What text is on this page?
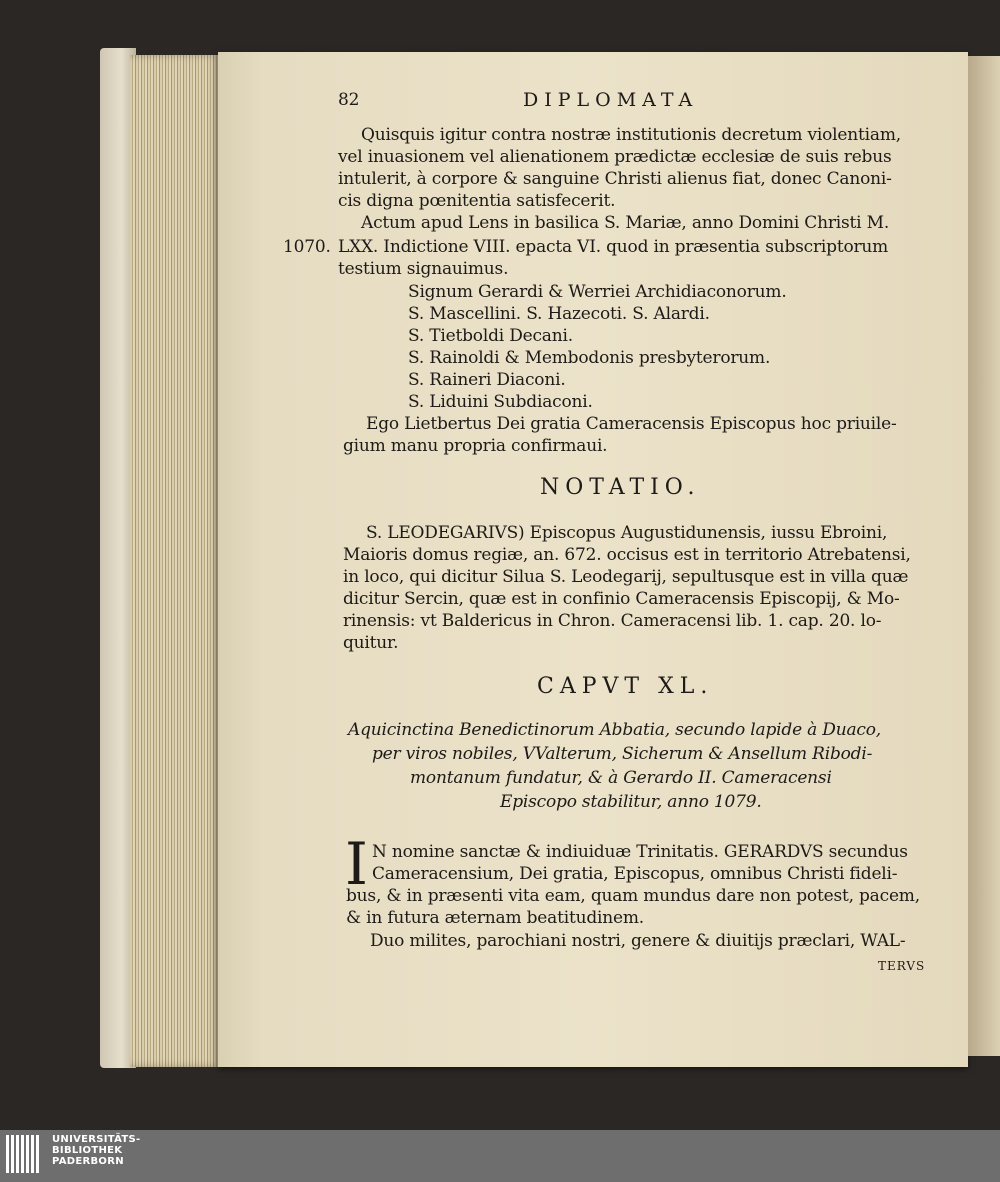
82	DIPLOMATA
Quisquis igitur contra nostræ institutionis decretum violentiam,
vel inuasionem vel alienationem prædictæ ecclesiæ de suis rebus
intulerit, à corpore & sanguine Christi alienus fiat, donec Canoni-
cis digna pœnitentia satisfecerit.
Actum apud Lens in basilica S. Mariæ, anno Domini Christi M.
1070. LXX. Indictione VIII. epacta VI. quod in præsentia subscriptorum
testium signauimus.
Signum Gerardi & Werriei Archidiaconorum.
S. Mascellini. S. Hazecoti. S. Alardi.
S. Tietboldi Decani.
S. Rainoldi & Membodonis presbyterorum.
S. Raineri Diaconi.
S. Liduini Subdiaconi.
Ego Lietbertus Dei gratia Cameracensis Episcopus hoc priuile-
gium manu propria confirmaui.
NOTATIO.
S. LEODEGARIVS) Episcopus Augustidunensis, iussu Ebroini,
Maioris domus regiæ, an. 672. occisus est in territorio Atrebatensi,
in loco, qui dicitur Silua S. Leodegarij, sepultusque est in villa quæ
dicitur Sercin, quæ est in confinio Cameracensis Episcopij, & Mo-
rinensis: vt Baldericus in Chron. Cameracensi lib. 1. cap. 20. lo-
quitur.
CAPVT XL.
Aquicinctina Benedictinorum Abbatia, secundo lapide à Duaco,
per viros nobiles, VValterum, Sicherum & Ansellum Ribodi-
montanum fundatur, & à Gerardo II. Cameracensi
Episcopo stabilitur, anno 1079.
I N nomine sanctæ & indiuiduæ Trinitatis. GERARDVS secundus
Cameracensium, Dei gratia, Episcopus, omnibus Christi fideli-
bus, & in præsenti vita eam, quam mundus dare non potest, pacem,
& in futura æternam beatitudinem.
Duo milites, parochiani nostri, genere & diuitijs præclari, WAL-
TERVS
UNIVERSITÄTS-
BIBLIOTHEK
PADERBORN
